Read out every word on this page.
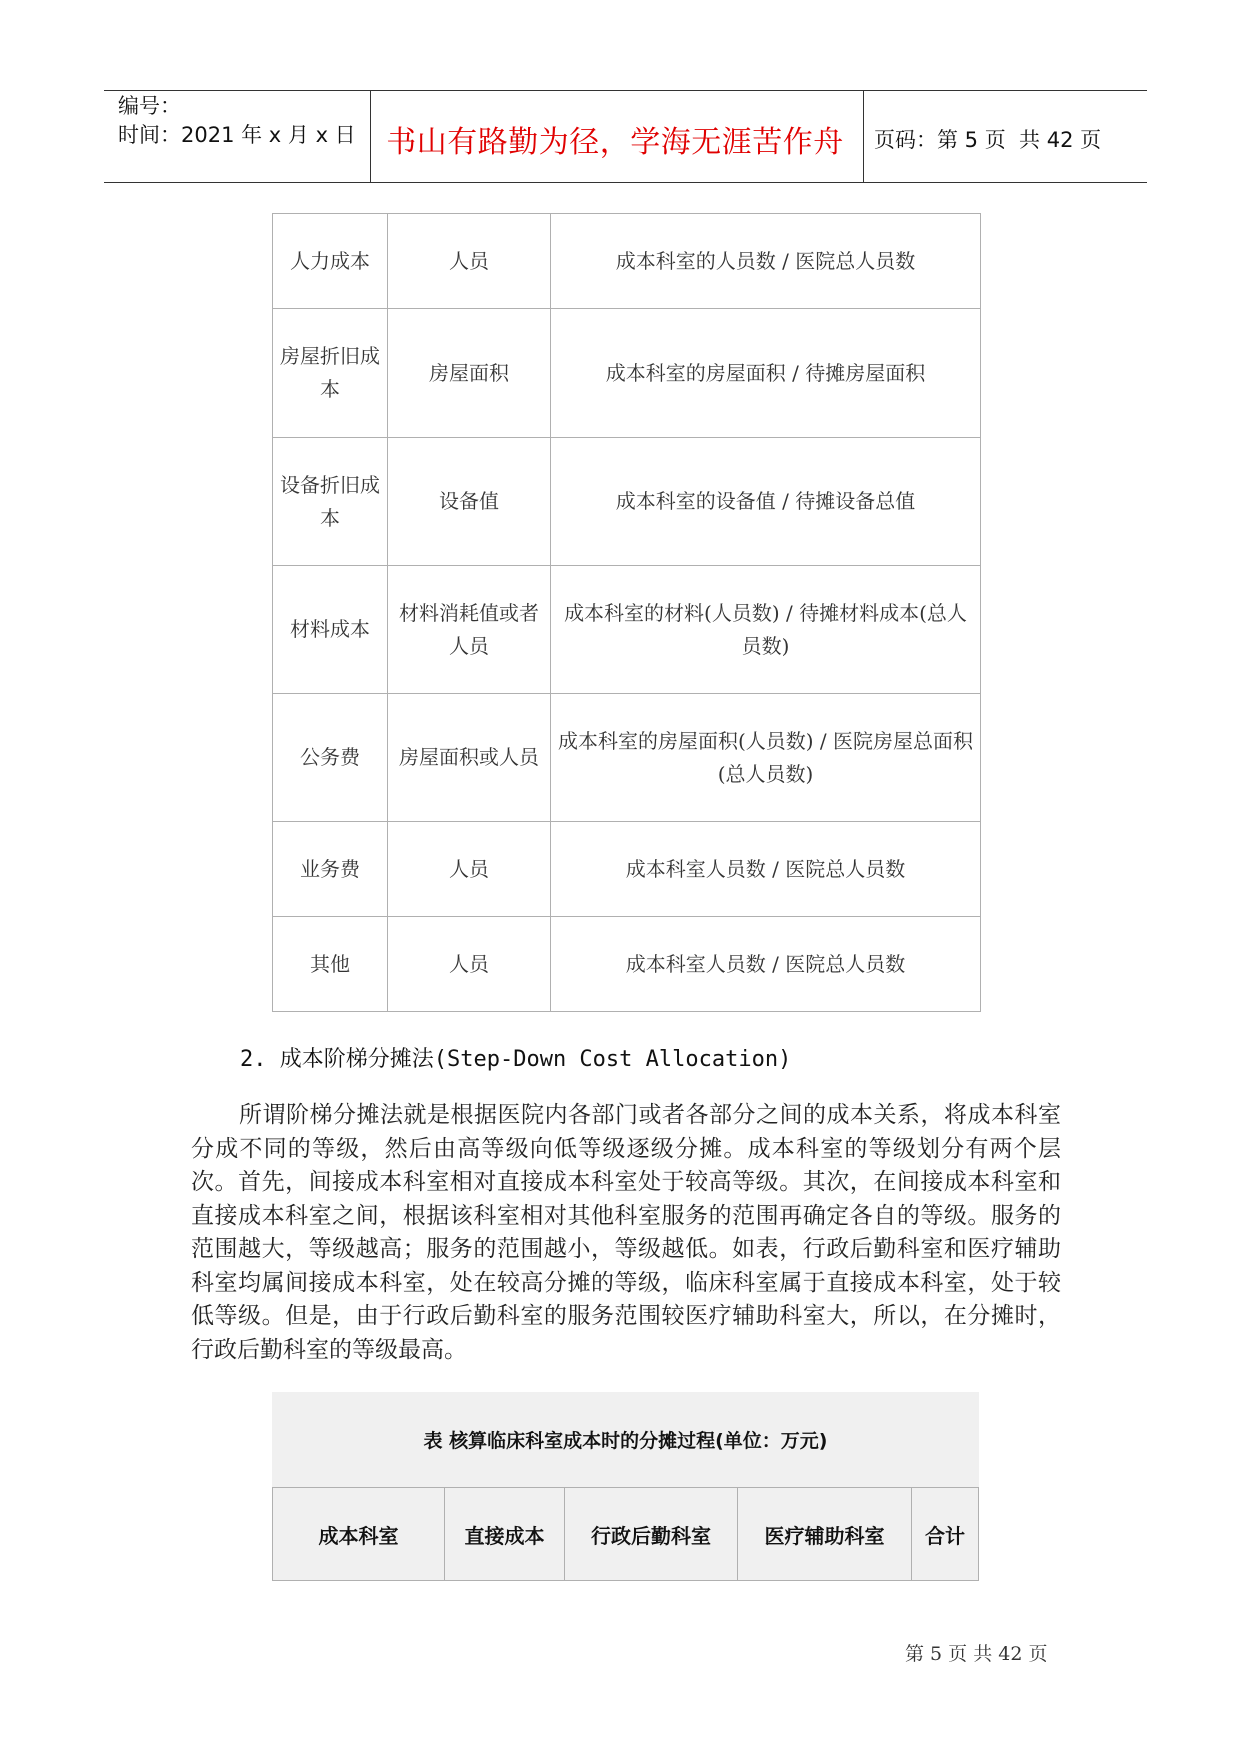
编号：
时间：2021 年 x 月 x 日	书山有路勤为径，学海无涯苦作舟	页码：第 5 页  共 42 页
人力成本	人员	成本科室的人员数 / 医院总人员数
房屋折旧成本	房屋面积	成本科室的房屋面积 / 待摊房屋面积
设备折旧成本	设备值	成本科室的设备值 / 待摊设备总值
材料成本	材料消耗值或者人员	成本科室的材料(人员数) / 待摊材料成本(总人员数)
公务费	房屋面积或人员	成本科室的房屋面积(人员数) / 医院房屋总面积(总人员数)
业务费	人员	成本科室人员数 / 医院总人员数
其他	人员	成本科室人员数 / 医院总人员数
2. 成本阶梯分摊法(Step-Down Cost Allocation)

所谓阶梯分摊法就是根据医院内各部门或者各部分之间的成本关系，将成本科室分成不同的等级，然后由高等级向低等级逐级分摊。成本科室的等级划分有两个层次。首先，间接成本科室相对直接成本科室处于较高等级。其次，在间接成本科室和直接成本科室之间，根据该科室相对其他科室服务的范围再确定各自的等级。服务的范围越大，等级越高；服务的范围越小，等级越低。如表，行政后勤科室和医疗辅助科室均属间接成本科室，处在较高分摊的等级，临床科室属于直接成本科室，处于较低等级。但是，由于行政后勤科室的服务范围较医疗辅助科室大，所以，在分摊时，行政后勤科室的等级最高。

表 核算临床科室成本时的分摊过程(单位：万元)
成本科室	直接成本	行政后勤科室	医疗辅助科室	合计
第 5 页 共 42 页
